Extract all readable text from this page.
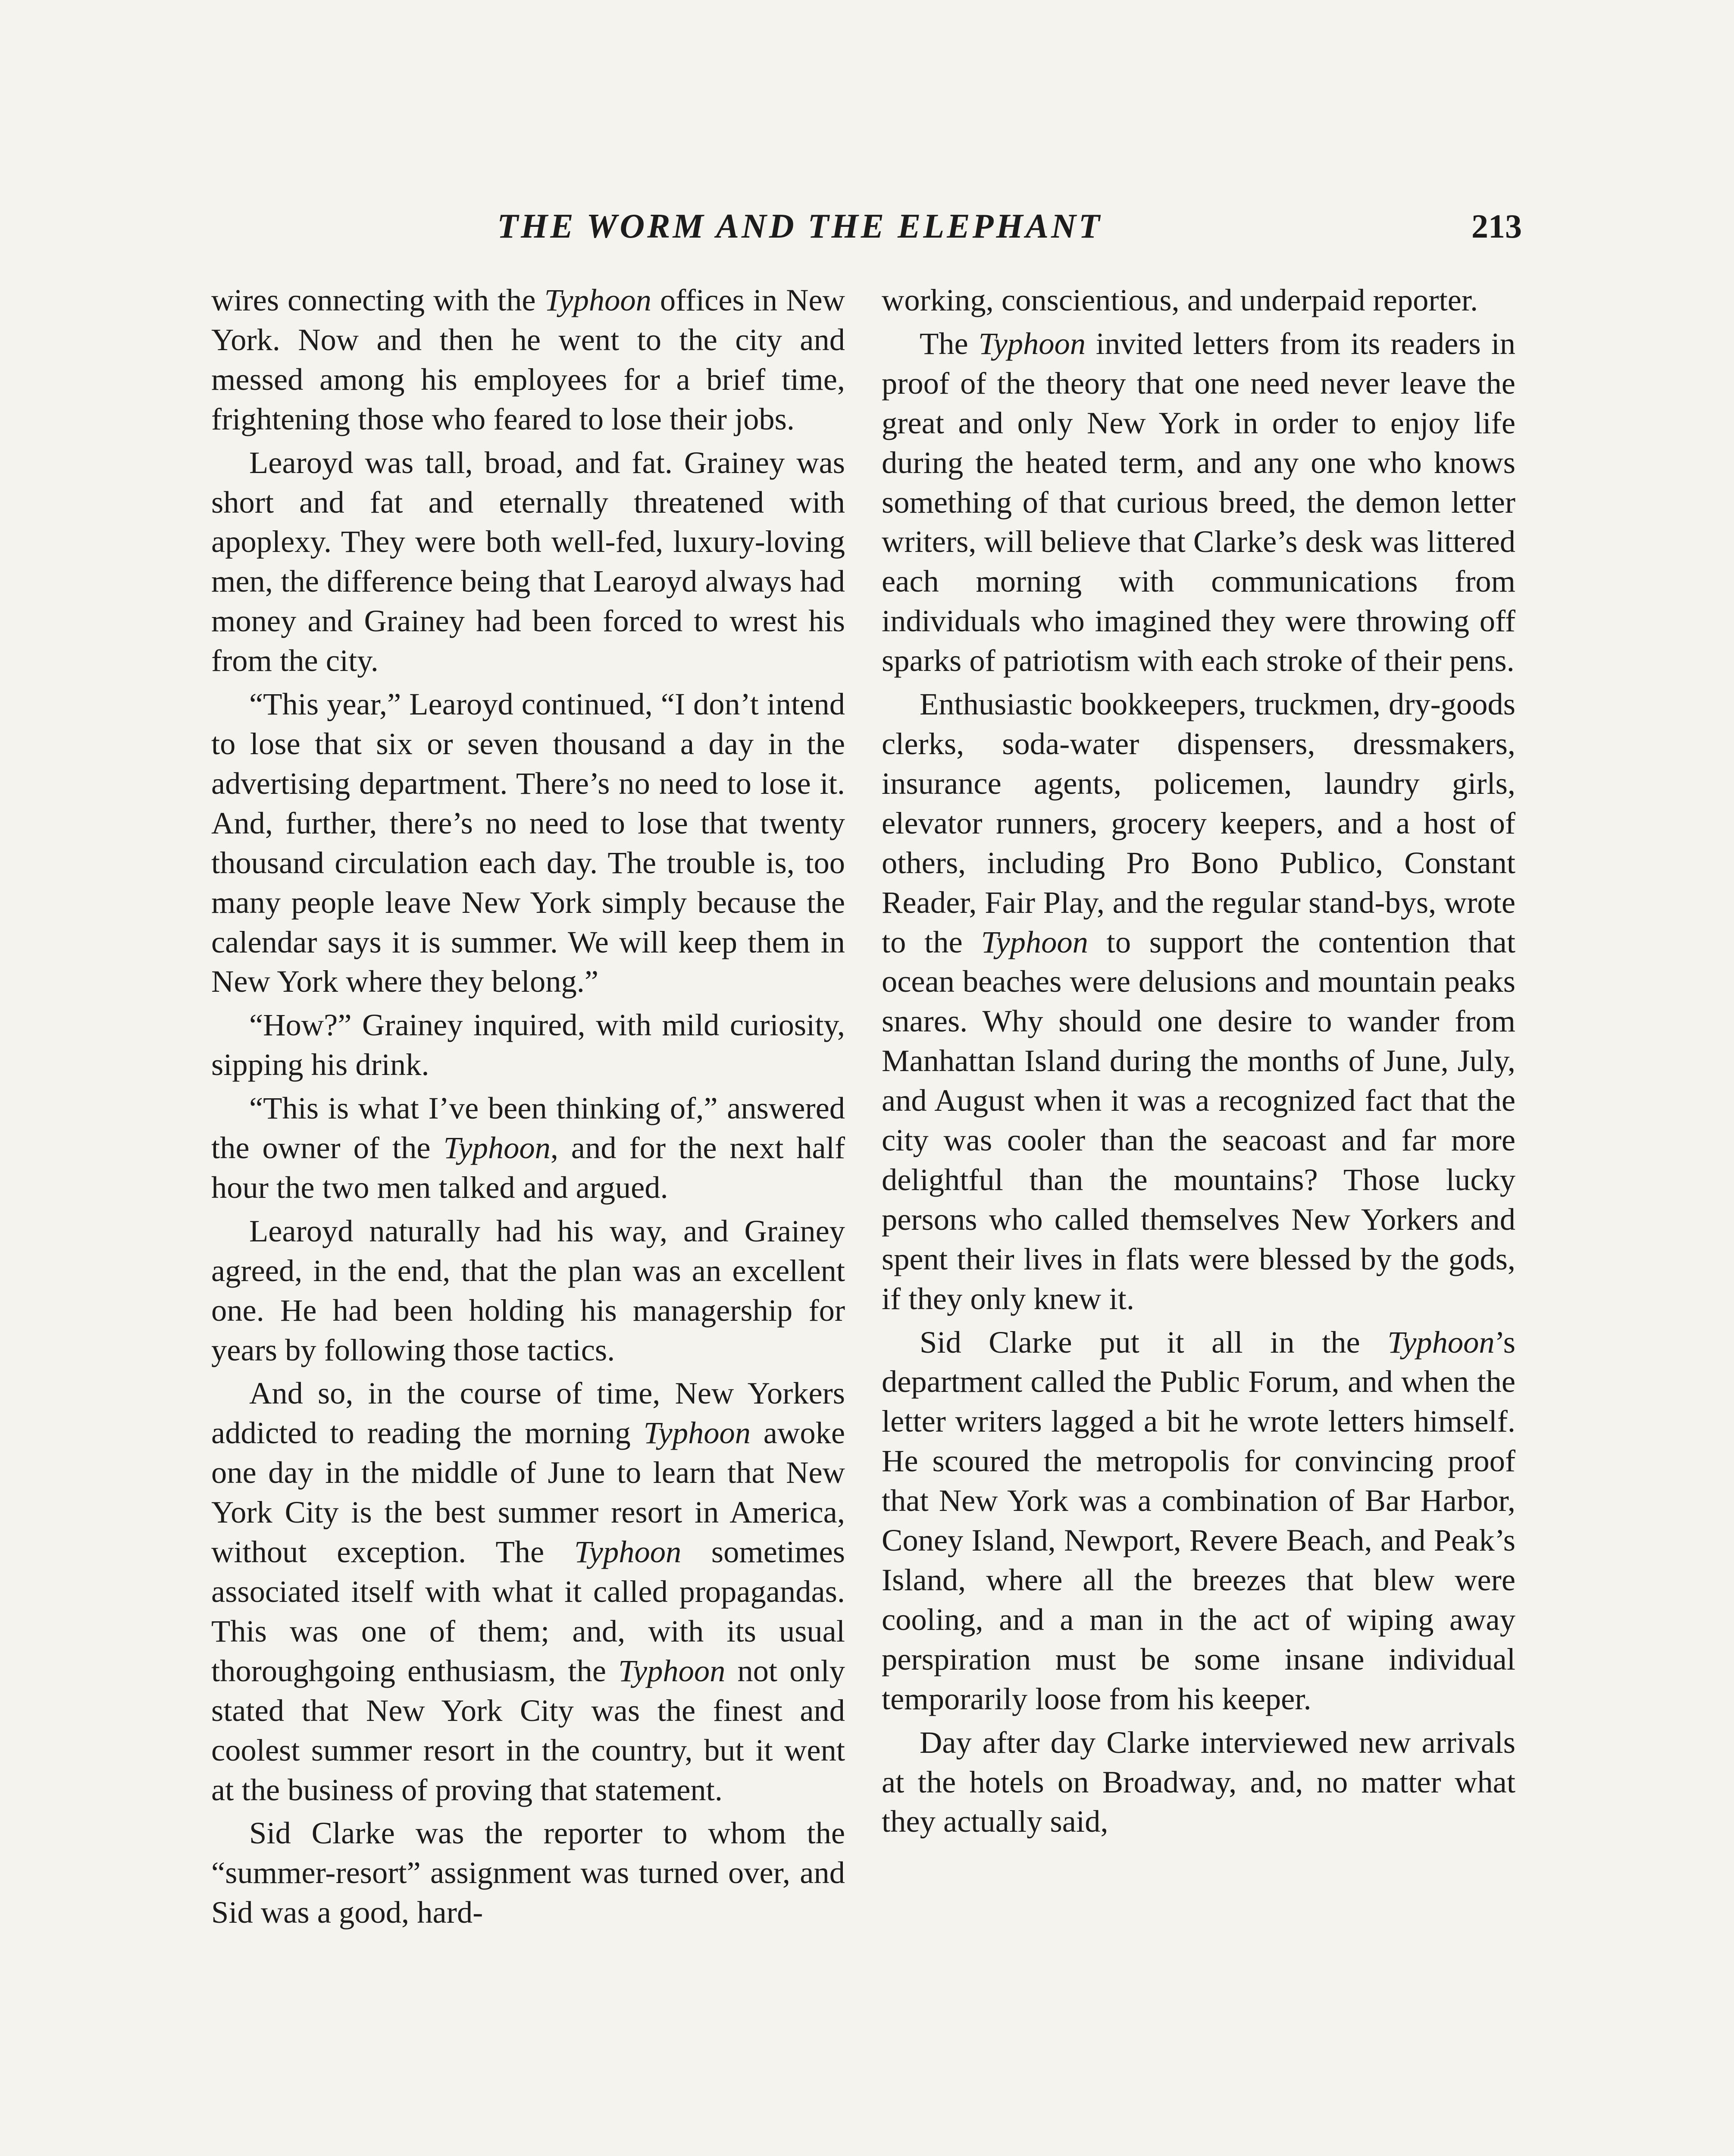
THE WORM AND THE ELEPHANT	213

wires connecting with the Typhoon offices in New York. Now and then he went to the city and messed among his employees for a brief time, frightening those who feared to lose their jobs.

Learoyd was tall, broad, and fat. Grainey was short and fat and eternally threatened with apoplexy. They were both well-fed, luxury-loving men, the difference being that Learoyd always had money and Grainey had been forced to wrest his from the city.

“This year,” Learoyd continued, “I don’t intend to lose that six or seven thousand a day in the advertising department. There’s no need to lose it. And, further, there’s no need to lose that twenty thousand circulation each day. The trouble is, too many people leave New York simply because the calendar says it is summer. We will keep them in New York where they belong.”

“How?” Grainey inquired, with mild curiosity, sipping his drink.

“This is what I’ve been thinking of,” answered the owner of the Typhoon, and for the next half hour the two men talked and argued.

Learoyd naturally had his way, and Grainey agreed, in the end, that the plan was an excellent one. He had been holding his managership for years by following those tactics.

And so, in the course of time, New Yorkers addicted to reading the morning Typhoon awoke one day in the middle of June to learn that New York City is the best summer resort in America, without exception. The Typhoon sometimes associated itself with what it called propagandas. This was one of them; and, with its usual thoroughgoing enthusiasm, the Typhoon not only stated that New York City was the finest and coolest summer resort in the country, but it went at the business of proving that statement.

Sid Clarke was the reporter to whom the “summer-resort” assignment was turned over, and Sid was a good, hard-

working, conscientious, and underpaid reporter.

The Typhoon invited letters from its readers in proof of the theory that one need never leave the great and only New York in order to enjoy life during the heated term, and any one who knows something of that curious breed, the demon letter writers, will believe that Clarke’s desk was littered each morning with communications from individuals who imagined they were throwing off sparks of patriotism with each stroke of their pens.

Enthusiastic bookkeepers, truckmen, dry-goods clerks, soda-water dispensers, dressmakers, insurance agents, policemen, laundry girls, elevator runners, grocery keepers, and a host of others, including Pro Bono Publico, Constant Reader, Fair Play, and the regular stand-bys, wrote to the Typhoon to support the contention that ocean beaches were delusions and mountain peaks snares. Why should one desire to wander from Manhattan Island during the months of June, July, and August when it was a recognized fact that the city was cooler than the seacoast and far more delightful than the mountains? Those lucky persons who called themselves New Yorkers and spent their lives in flats were blessed by the gods, if they only knew it.

Sid Clarke put it all in the Typhoon’s department called the Public Forum, and when the letter writers lagged a bit he wrote letters himself. He scoured the metropolis for convincing proof that New York was a combination of Bar Harbor, Coney Island, Newport, Revere Beach, and Peak’s Island, where all the breezes that blew were cooling, and a man in the act of wiping away perspiration must be some insane individual temporarily loose from his keeper.

Day after day Clarke interviewed new arrivals at the hotels on Broadway, and, no matter what they actually said,
